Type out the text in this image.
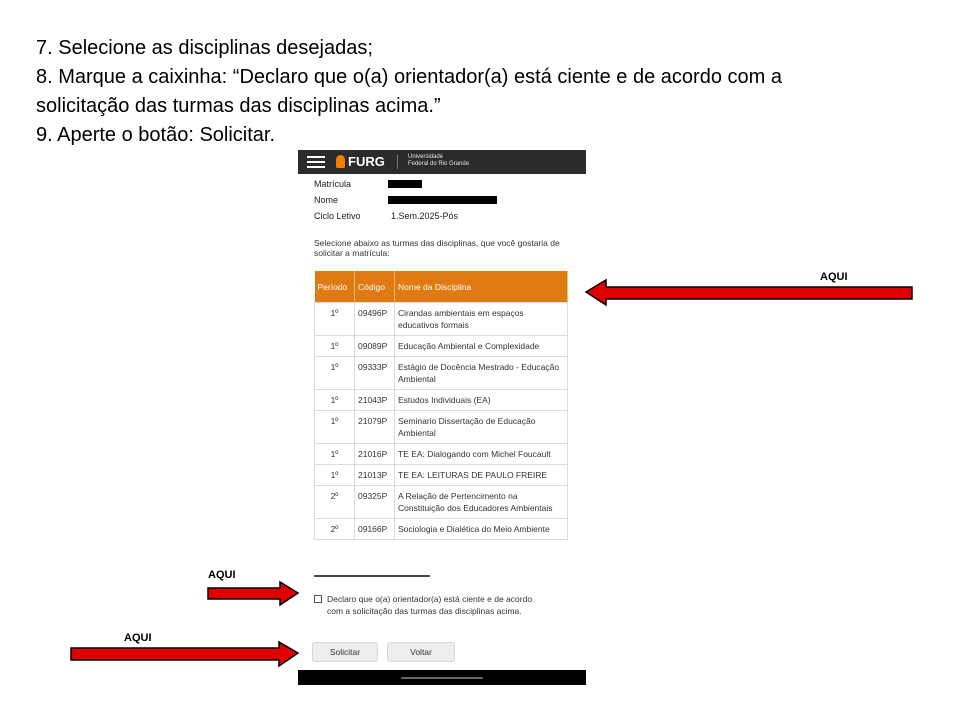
7. Selecione as disciplinas desejadas;
8. Marque a caixinha: “Declaro que o(a) orientador(a) está ciente e de acordo com a
solicitação das turmas das disciplinas acima.”
9. Aperte o botão: Solicitar.
FURG	Universidade
Federal do Rio Grande
Matrícula
Nome
Ciclo Letivo	1.Sem.2025-Pós
Selecione abaixo as turmas das disciplinas, que você gostaria de solicitar a matrícula:
Período	Código	Nome da Disciplina
1º	09496P	Cirandas ambientais em espaços educativos formais
1º	09089P	Educação Ambiental e Complexidade
1º	09333P	Estágio de Docência Mestrado - Educação Ambiental
1º	21043P	Estudos Individuais (EA)
1º	21079P	Seminario Dissertação de Educação Ambiental
1º	21016P	TE EA: Dialogando com Michel Foucault
1º	21013P	TE EA: LEITURAS DE PAULO FREIRE
2º	09325P	A Relação de Pertencimento na Constituição dos Educadores Ambientais
2º	09166P	Sociologia e Dialética do Meio Ambiente
Declaro que o(a) orientador(a) está ciente e de acordo com a solicitação das turmas das disciplinas acima.
Solicitar	Voltar
AQUI
AQUI
AQUI
